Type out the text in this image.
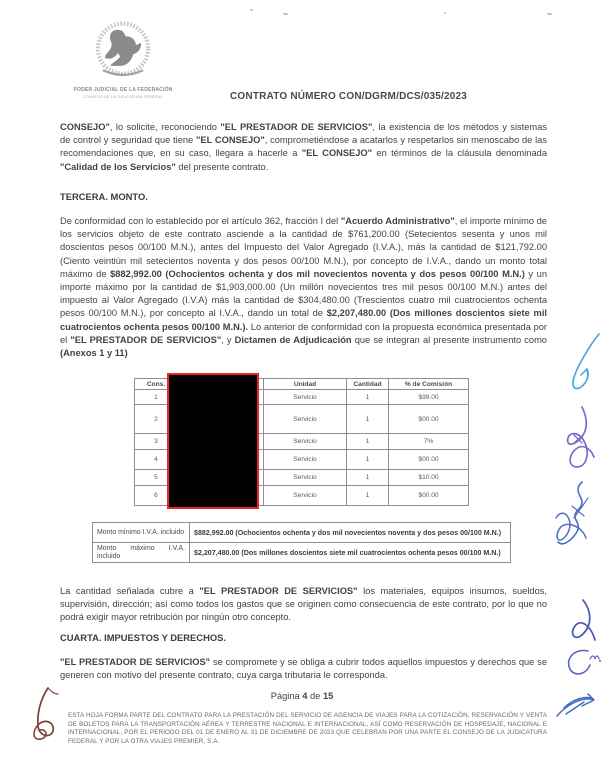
PODER JUDICIAL DE LA FEDERACIÓN
CONSEJO DE LA JUDICATURA FEDERAL	CONTRATO NÚMERO CON/DGRM/DCS/035/2023
CONSEJO", lo solicite, reconociendo "EL PRESTADOR DE SERVICIOS", la existencia de los métodos y sistemas de control y seguridad que tiene "EL CONSEJO", comprometiéndose a acatarlos y respetarlos sin menoscabo de las recomendaciones que, en su caso, llegara a hacerle a "EL CONSEJO" en términos de la cláusula denominada "Calidad de los Servicios" del presente contrato.
TERCERA. MONTO.
De conformidad con lo establecido por el artículo 362, fracción I del "Acuerdo Administrativo", el importe mínimo de los servicios objeto de este contrato asciende a la cantidad de $761,200.00 (Setecientos sesenta y unos mil doscientos pesos 00/100 M.N.), antes del Impuesto del Valor Agregado (I.V.A.), más la cantidad de $121,792.00 (Ciento veintiún mil setecientos noventa y dos pesos 00/100 M.N.), por concepto de I.V.A., dando un monto total máximo de $882,992.00 (Ochocientos ochenta y dos mil novecientos noventa y dos pesos 00/100 M.N.) y un importe máximo por la cantidad de $1,903,000.00 (Un millón novecientos tres mil pesos 00/100 M.N.) antes del impuesto al Valor Agregado (I.V.A) más la cantidad de $304,480.00 (Trescientos cuatro mil cuatrocientos ochenta pesos 00/100 M.N.), por concepto al I.V.A., dando un total de $2,207,480.00 (Dos millones doscientos siete mil cuatrocientos ochenta pesos 00/100 M.N.). Lo anterior de conformidad con la propuesta económica presentada por el "EL PRESTADOR DE SERVICIOS", y Dictamen de Adjudicación que se integran al presente instrumento como (Anexos 1 y 11)
Cons.		Unidad	Cantidad	% de Comisión
1		Servicio	1	$99.00
2		Servicio	1	$00.00
3		Servicio	1	7%
4		Servicio	1	$00.00
5		Servicio	1	$10.00
6		Servicio	1	$00.00
Monto mínimo I.V.A. incluido	$882,992.00 (Ochocientos ochenta y dos mil novecientos noventa y dos pesos 00/100 M.N.)
Monto máximo I.V.A. incluido	$2,207,480.00 (Dos millones doscientos siete mil cuatrocientos ochenta pesos 00/100 M.N.)
La cantidad señalada cubre a "EL PRESTADOR DE SERVICIOS" los materiales, equipos insumos, sueldos, supervisión, dirección; así como todos los gastos que se originen como consecuencia de este contrato, por lo que no podrá exigir mayor retribución por ningún otro concepto.
CUARTA. IMPUESTOS Y DERECHOS.
"EL PRESTADOR DE SERVICIOS" se compromete y se obliga a cubrir todos aquellos impuestos y derechos que se generen con motivo del presente contrato, cuya carga tributaria le corresponda.
Página 4 de 15
ESTA HOJA FORMA PARTE DEL CONTRATO PARA LA PRESTACIÓN DEL SERVICIO DE AGENCIA DE VIAJES PARA LA COTIZACIÓN, RESERVACIÓN Y VENTA DE BOLETOS PARA LA TRANSPORTACIÓN AÉREA Y TERRESTRE NACIONAL E INTERNACIONAL, ASÍ COMO RESERVACIÓN DE HOSPEDAJE, NACIONAL E INTERNACIONAL, POR EL PERIODO DEL 01 DE ENERO AL 31 DE DICIEMBRE DE 2023 QUE CELEBRAN POR UNA PARTE EL CONSEJO DE LA JUDICATURA FEDERAL Y POR LA OTRA VIAJES PREMIER, S.A.
